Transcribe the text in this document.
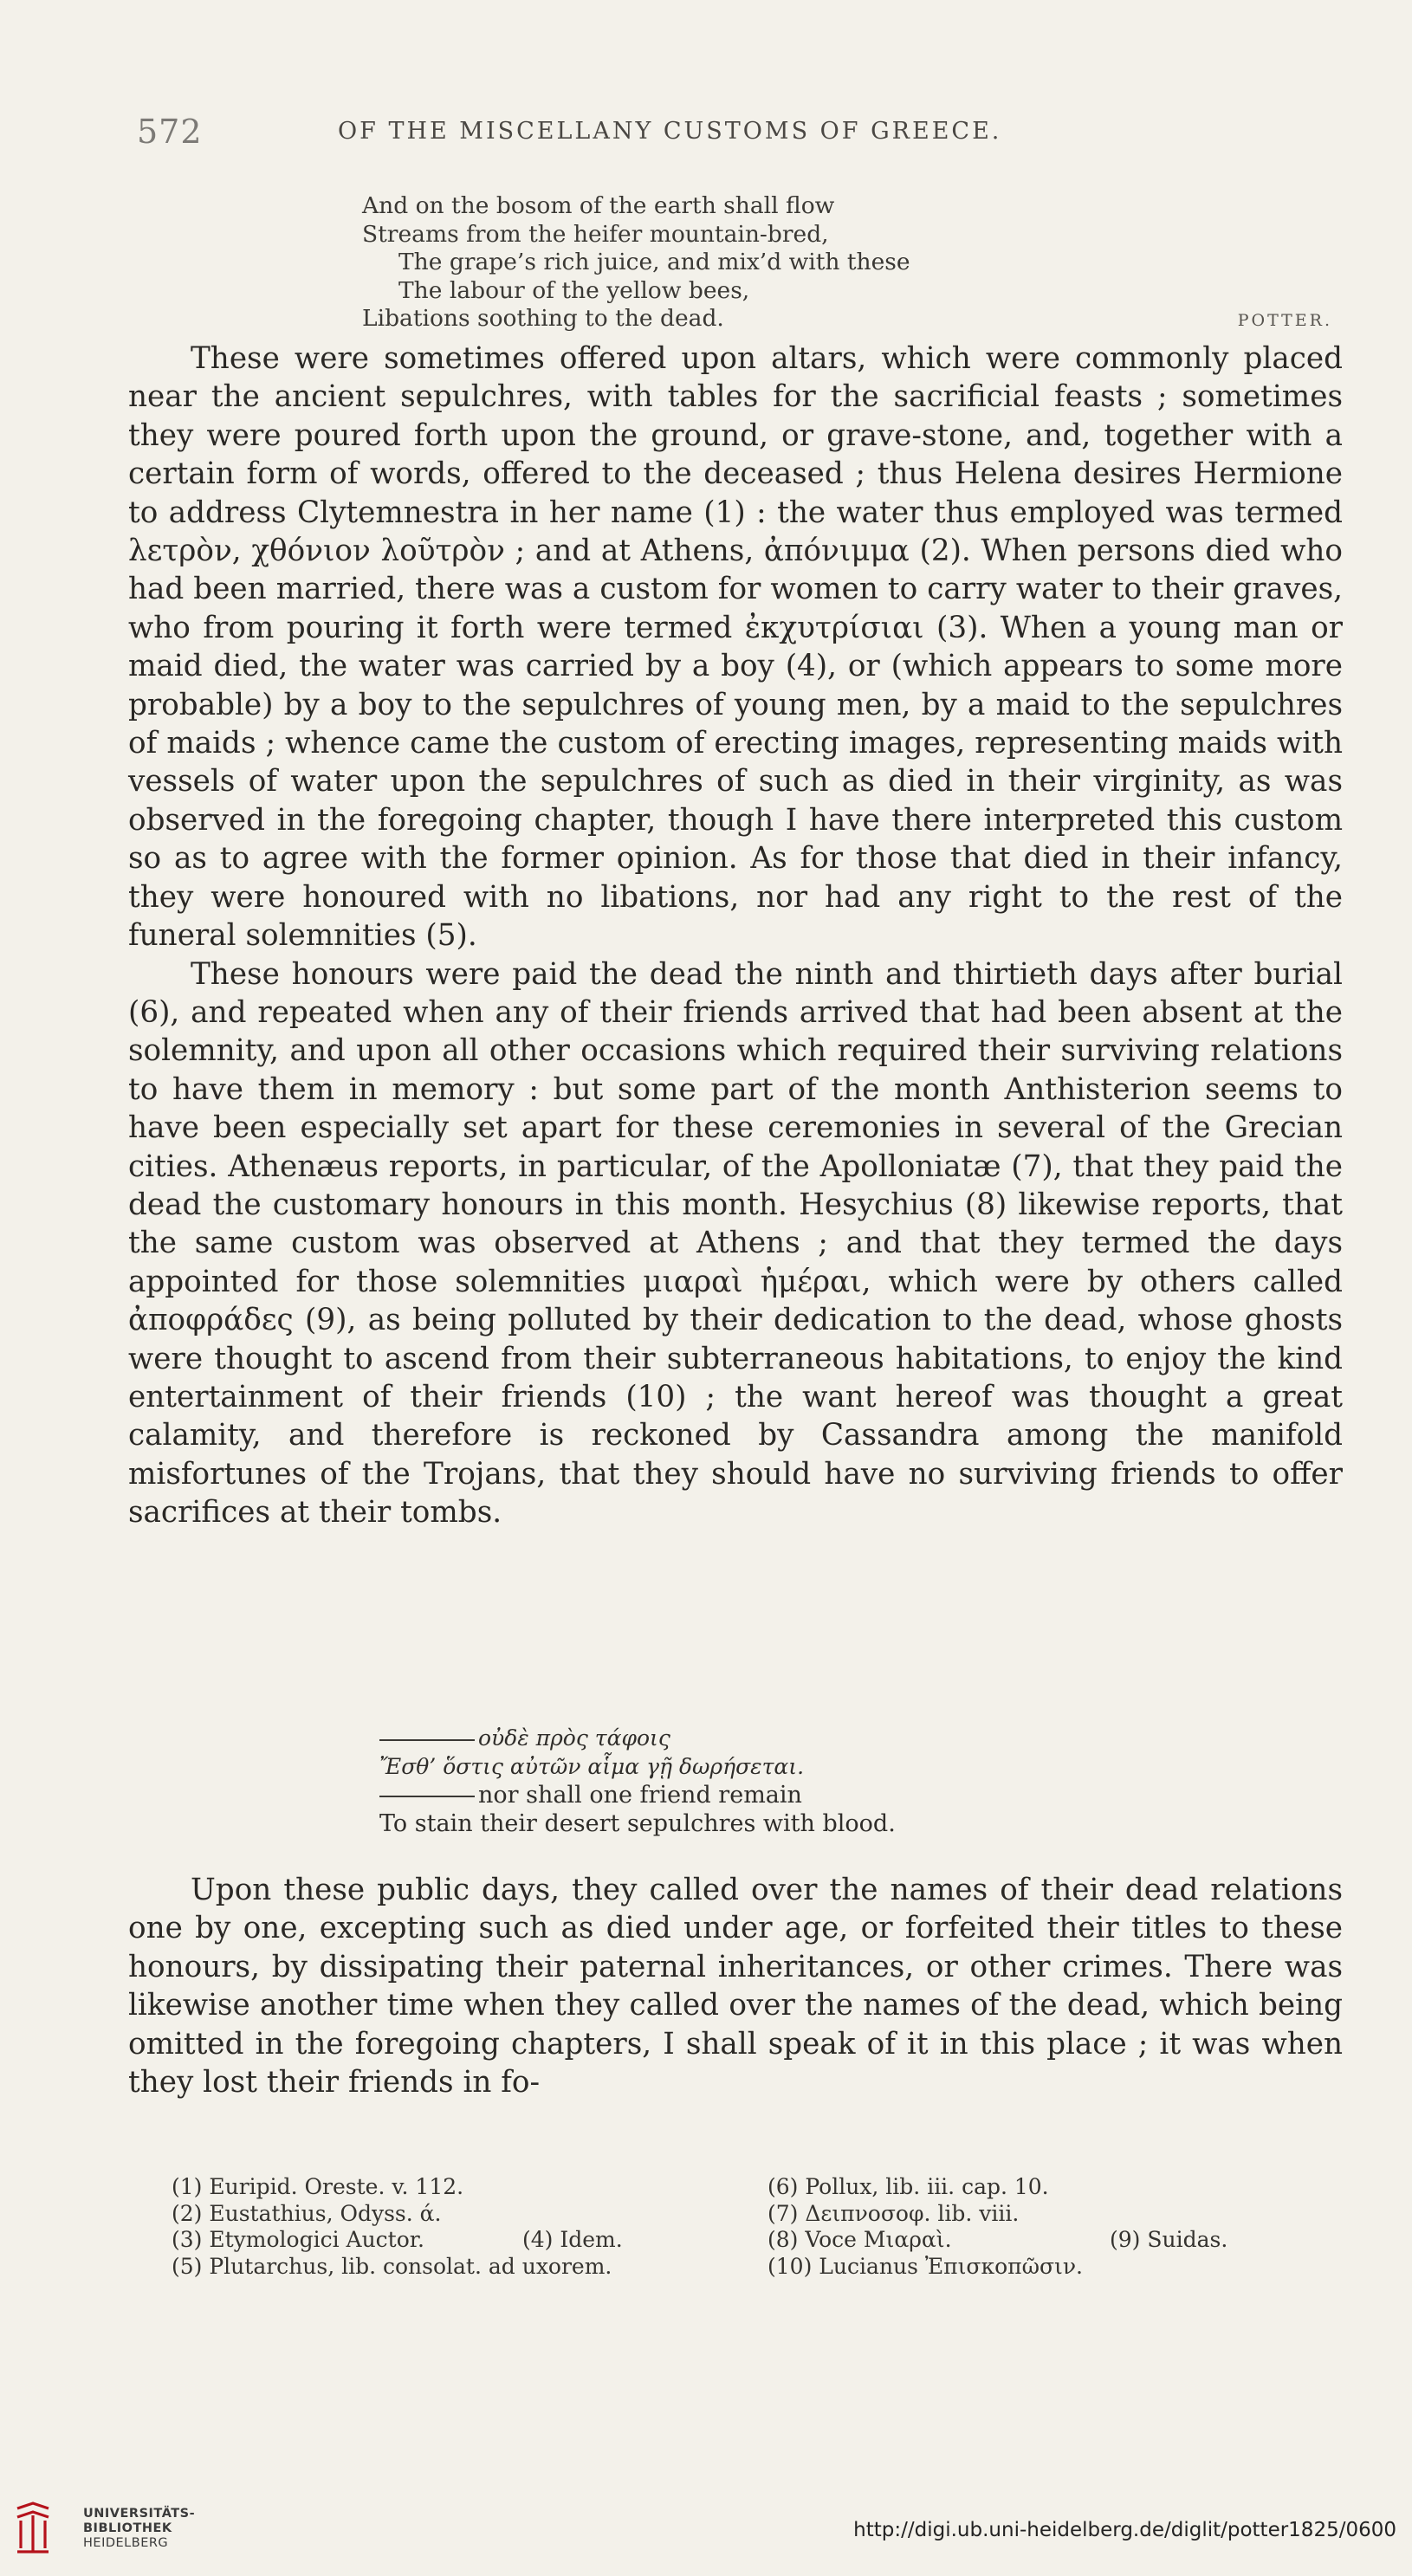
572	OF THE MISCELLANY CUSTOMS OF GREECE.
And on the bosom of the earth shall flow
Streams from the heifer mountain-bred,
The grape’s rich juice, and mix’d with these
The labour of the yellow bees,
Libations soothing to the dead.	POTTER.

These were sometimes offered upon altars, which were commonly placed near the ancient sepulchres, with tables for the sacrificial feasts ; sometimes they were poured forth upon the ground, or grave-stone, and, together with a certain form of words, offered to the deceased ; thus Helena desires Hermione to address Clytemnestra in her name (1) : the water thus employed was termed λετρὸν, χθόνιον λοῦτρὸν ; and at Athens, ἀπόνιμμα (2). When persons died who had been married, there was a custom for women to carry water to their graves, who from pouring it forth were termed ἐκχυτρίσιαι (3). When a young man or maid died, the water was carried by a boy (4), or (which appears to some more probable) by a boy to the sepulchres of young men, by a maid to the sepulchres of maids ; whence came the custom of erecting images, representing maids with vessels of water upon the sepulchres of such as died in their virginity, as was observed in the foregoing chapter, though I have there interpreted this custom so as to agree with the former opinion. As for those that died in their infancy, they were honoured with no libations, nor had any right to the rest of the funeral solemnities (5).

These honours were paid the dead the ninth and thirtieth days after burial (6), and repeated when any of their friends arrived that had been absent at the solemnity, and upon all other occasions which required their surviving relations to have them in memory : but some part of the month Anthisterion seems to have been especially set apart for these ceremonies in several of the Grecian cities. Athenæus reports, in particular, of the Apolloniatæ (7), that they paid the dead the customary honours in this month. Hesychius (8) likewise reports, that the same custom was observed at Athens ; and that they termed the days appointed for those solemnities μιαραὶ ἡμέραι, which were by others called ἀποφράδες (9), as being polluted by their dedication to the dead, whose ghosts were thought to ascend from their subterraneous habitations, to enjoy the kind entertainment of their friends (10) ; the want hereof was thought a great calamity, and therefore is reckoned by Cassandra among the manifold misfortunes of the Trojans, that they should have no surviving friends to offer sacrifices at their tombs.

οὐδὲ πρὸς τάφοις
Ἔσθ’ ὅστις αὐτῶν αἷμα γῇ δωρήσεται.
nor shall one friend remain
To stain their desert sepulchres with blood.

Upon these public days, they called over the names of their dead relations one by one, excepting such as died under age, or forfeited their titles to these honours, by dissipating their paternal inheritances, or other crimes. There was likewise another time when they called over the names of the dead, which being omitted in the foregoing chapters, I shall speak of it in this place ; it was when they lost their friends in fo-

(1) Euripid. Oreste. v. 112.
(2) Eustathius, Odyss. ά.
(3) Etymologici Auctor.	(4) Idem.
(5) Plutarchus, lib. consolat. ad uxorem.
(6) Pollux, lib. iii. cap. 10.
(7) Δειπνοσοφ. lib. viii.
(8) Voce Μιαραὶ.	(9) Suidas.
(10) Lucianus Ἐπισκοπῶσιν.
UNIVERSITÄTS-
BIBLIOTHEK
HEIDELBERG
http://digi.ub.uni-heidelberg.de/diglit/potter1825/0600
